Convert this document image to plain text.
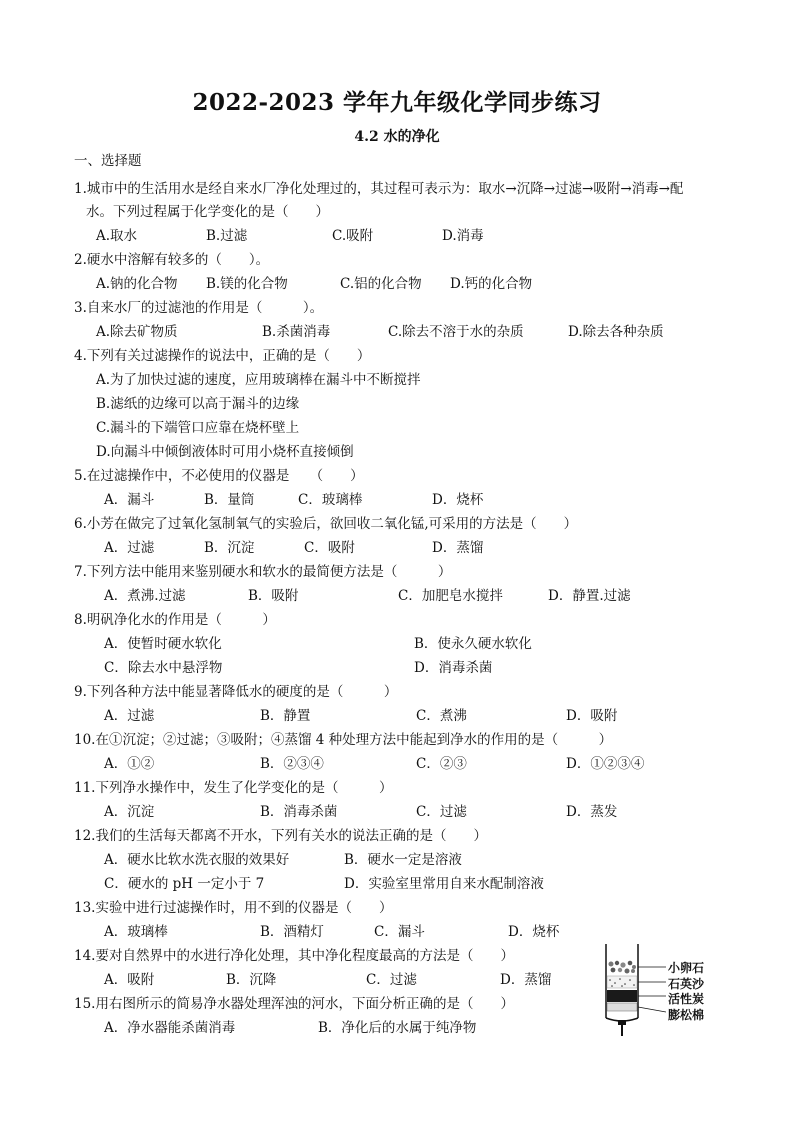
2022-2023 学年九年级化学同步练习
4.2 水的净化
一、选择题
1.城市中的生活用水是经自来水厂净化处理过的，其过程可表示为：取水→沉降→过滤→吸附→消毒→配
水。下列过程属于化学变化的是（　　）
A.取水	B.过滤	C.吸附	D.消毒
2.硬水中溶解有较多的（　　）。
A.钠的化合物 B.镁的化合物	C.铝的化合物 D.钙的化合物
3.自来水厂的过滤池的作用是（　　　）。
A.除去矿物质	B.杀菌消毒	C.除去不溶于水的杂质	D.除去各种杂质
4.下列有关过滤操作的说法中，正确的是（　　）
A.为了加快过滤的速度，应用玻璃棒在漏斗中不断搅拌
B.滤纸的边缘可以高于漏斗的边缘
C.漏斗的下端管口应靠在烧杯壁上
D.向漏斗中倾倒液体时可用小烧杯直接倾倒
5.在过滤操作中，不必使用的仪器是　　（　　）
A．漏斗	B．量筒	C．玻璃棒	D．烧杯
6.小芳在做完了过氧化氢制氧气的实验后，欲回收二氧化锰,可采用的方法是（　　）
A．过滤	B．沉淀	C．吸附	D．蒸馏
7.下列方法中能用来鉴别硬水和软水的最简便方法是（　　　）
A．煮沸.过滤	B．吸附	C．加肥皂水搅拌	D．静置.过滤
8.明矾净化水的作用是（　　　）
A．使暂时硬水软化	B．使永久硬水软化
C．除去水中悬浮物	D．消毒杀菌
9.下列各种方法中能显著降低水的硬度的是（　　　）
A．过滤	B．静置	C．煮沸	D．吸附
10.在①沉淀；②过滤；③吸附；④蒸馏 4 种处理方法中能起到净水的作用的是（　　　）
A．①②	B．②③④	C．②③	D．①②③④
11.下列净水操作中，发生了化学变化的是（　　　）
A．沉淀	B．消毒杀菌	C．过滤	D．蒸发
12.我们的生活每天都离不开水，下列有关水的说法正确的是（　　）
A．硬水比软水洗衣服的效果好	B．硬水一定是溶液
C．硬水的 pH 一定小于 7	D．实验室里常用自来水配制溶液
13.实验中进行过滤操作时，用不到的仪器是（　　）
A．玻璃棒	B．酒精灯	C．漏斗	D．烧杯
14.要对自然界中的水进行净化处理，其中净化程度最高的方法是（　　）
A．吸附	B．沉降	C．过滤	D．蒸馏
15.用右图所示的简易净水器处理浑浊的河水，下面分析正确的是（　　）
A．净水器能杀菌消毒	B．净化后的水属于纯净物
小卵石
石英沙
活性炭
膨松棉
